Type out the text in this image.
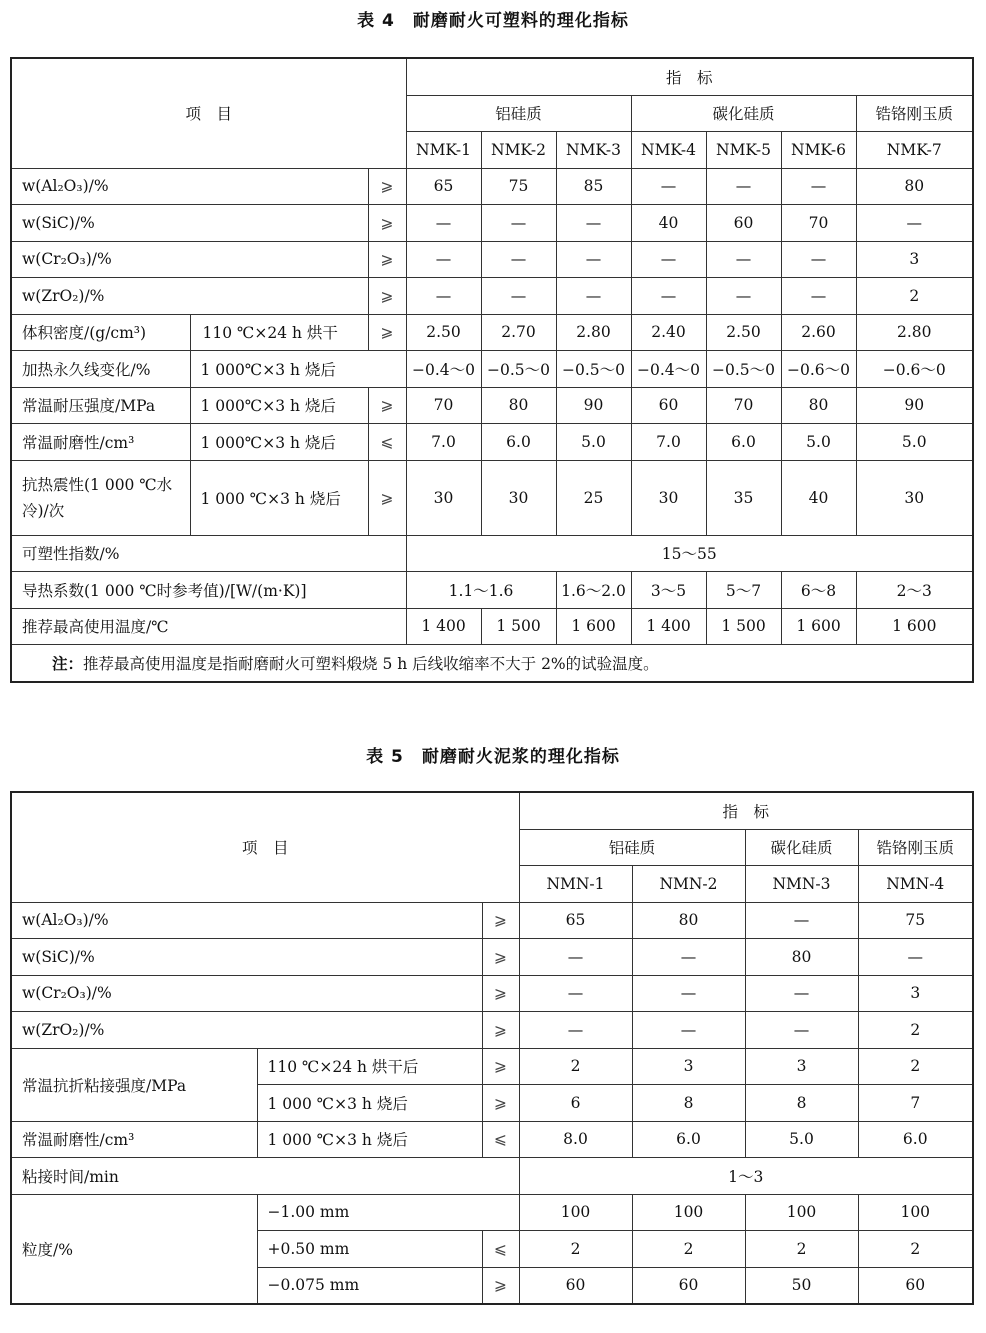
表 4　耐磨耐火可塑料的理化指标
项　目			指　标						
			铝硅质			碳化硅质			锆铬刚玉质
			NMK-1	NMK-2	NMK-3	NMK-4	NMK-5	NMK-6	NMK-7
w(Al₂O₃)/%		⩾	65	75	85	—	—	—	80
w(SiC)/%		⩾	—	—	—	40	60	70	—
w(Cr₂O₃)/%		⩾	—	—	—	—	—	—	3
w(ZrO₂)/%		⩾	—	—	—	—	—	—	2
体积密度/(g/cm³)	110 ℃×24 h 烘干	⩾	2.50	2.70	2.80	2.40	2.50	2.60	2.80
加热永久线变化/%	1 000℃×3 h 烧后		−0.4～0	−0.5～0	−0.5～0	−0.4～0	−0.5～0	−0.6～0	−0.6～0
常温耐压强度/MPa	1 000℃×3 h 烧后	⩾	70	80	90	60	70	80	90
常温耐磨性/cm³	1 000℃×3 h 烧后	⩽	7.0	6.0	5.0	7.0	6.0	5.0	5.0
抗热震性(1 000 ℃水冷)/次	1 000 ℃×3 h 烧后	⩾	30	30	25	30	35	40	30
可塑性指数/%			15～55						
导热系数(1 000 ℃时参考值)/[W/(m·K)]			1.1～1.6		1.6～2.0	3～5	5～7	6～8	2～3
推荐最高使用温度/℃			1 400	1 500	1 600	1 400	1 500	1 600	1 600
注：推荐最高使用温度是指耐磨耐火可塑料煅烧 5 h 后线收缩率不大于 2%的试验温度。									
表 5　耐磨耐火泥浆的理化指标
项　目			指　标			
			铝硅质		碳化硅质	锆铬刚玉质
			NMN-1	NMN-2	NMN-3	NMN-4
w(Al₂O₃)/%		⩾	65	80	—	75
w(SiC)/%		⩾	—	—	80	—
w(Cr₂O₃)/%		⩾	—	—	—	3
w(ZrO₂)/%		⩾	—	—	—	2
常温抗折粘接强度/MPa	110 ℃×24 h 烘干后	⩾	2	3	3	2
	1 000 ℃×3 h 烧后	⩾	6	8	8	7
常温耐磨性/cm³	1 000 ℃×3 h 烧后	⩽	8.0	6.0	5.0	6.0
粘接时间/min			1～3			
粒度/%	−1.00 mm		100	100	100	100
	+0.50 mm	⩽	2	2	2	2
	−0.075 mm	⩾	60	60	50	60
